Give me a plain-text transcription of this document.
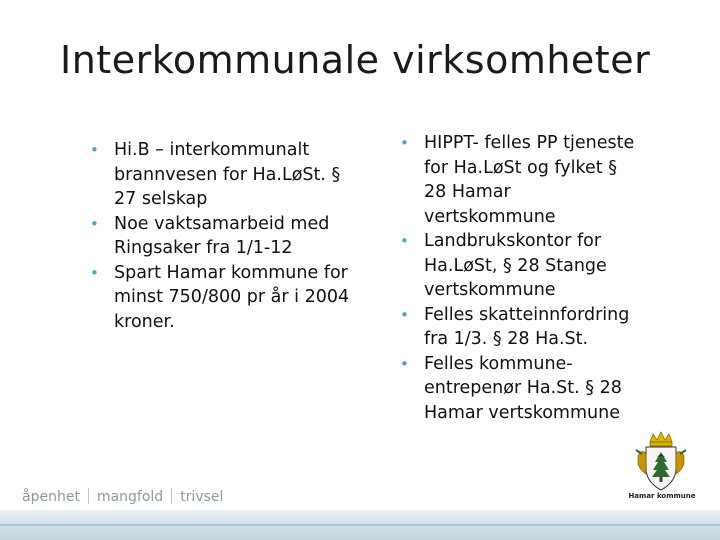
Interkommunale virksomheter
• Hi.B – interkommunalt brannvesen for Ha.LøSt. § 27 selskap
• Noe vaktsamarbeid med Ringsaker fra 1/1-12
• Spart Hamar kommune for minst 750/800 pr år i 2004 kroner.
• HIPPT- felles PP tjeneste for Ha.LøSt og fylket § 28 Hamar vertskommune
• Landbrukskontor for Ha.LøSt, § 28 Stange vertskommune
• Felles skatteinnfordring fra 1/3. § 28 Ha.St.
• Felles kommune-entrepenør Ha.St. § 28 Hamar vertskommune
åpenhet mangfold trivsel	Hamar kommune
